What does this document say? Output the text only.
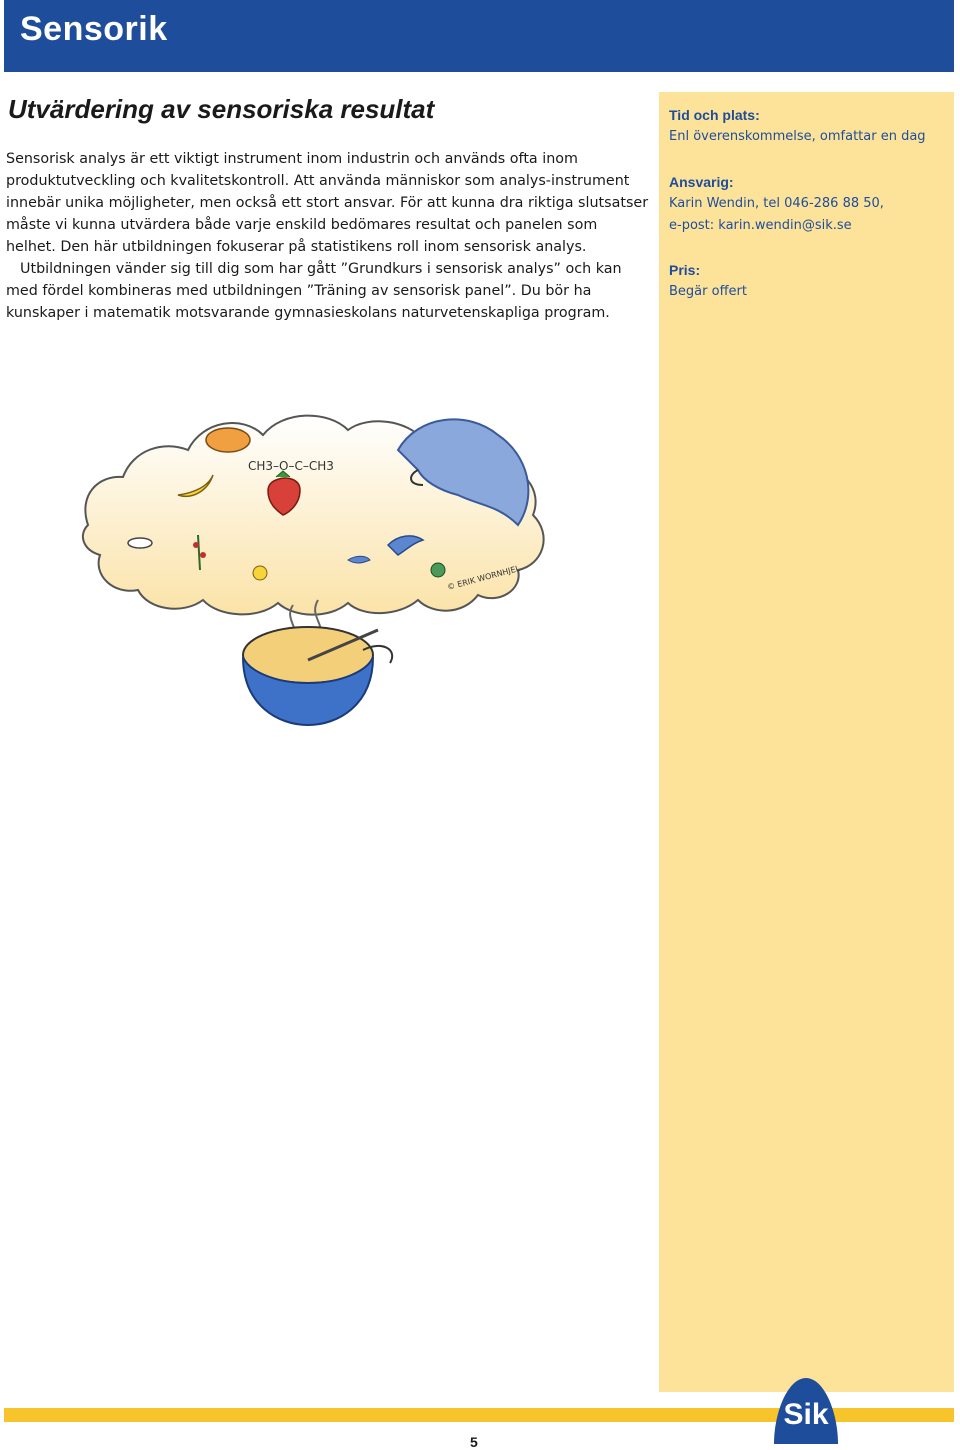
Sensorik
Utvärdering av sensoriska resultat

Sensorisk analys är ett viktigt instrument inom industrin och används ofta inom produktutveckling och kvalitetskontroll. Att använda människor som analys-instrument innebär unika möjligheter, men också ett stort ansvar. För att kunna dra riktiga slutsatser måste vi kunna utvärdera både varje enskild bedömares resultat och panelen som helhet. Den här utbildningen fokuserar på statistikens roll inom sensorisk analys.

Utbildningen vänder sig till dig som har gått ”Grundkurs i sensorisk analys” och kan med fördel kombineras med utbildningen ”Träning av sensorisk panel”. Du bör ha kunskaper i matematik motsvarande gymnasieskolans naturvetenskapliga program.

Tid och plats:
Enl överenskommelse, omfattar en dag
Ansvarig:
Karin Wendin, tel 046-286 88 50,
e-post: karin.wendin@sik.se
Pris:
Begär offert
CH3–O–C–CH3
© ERIK WORNHJEL
Sik
5
